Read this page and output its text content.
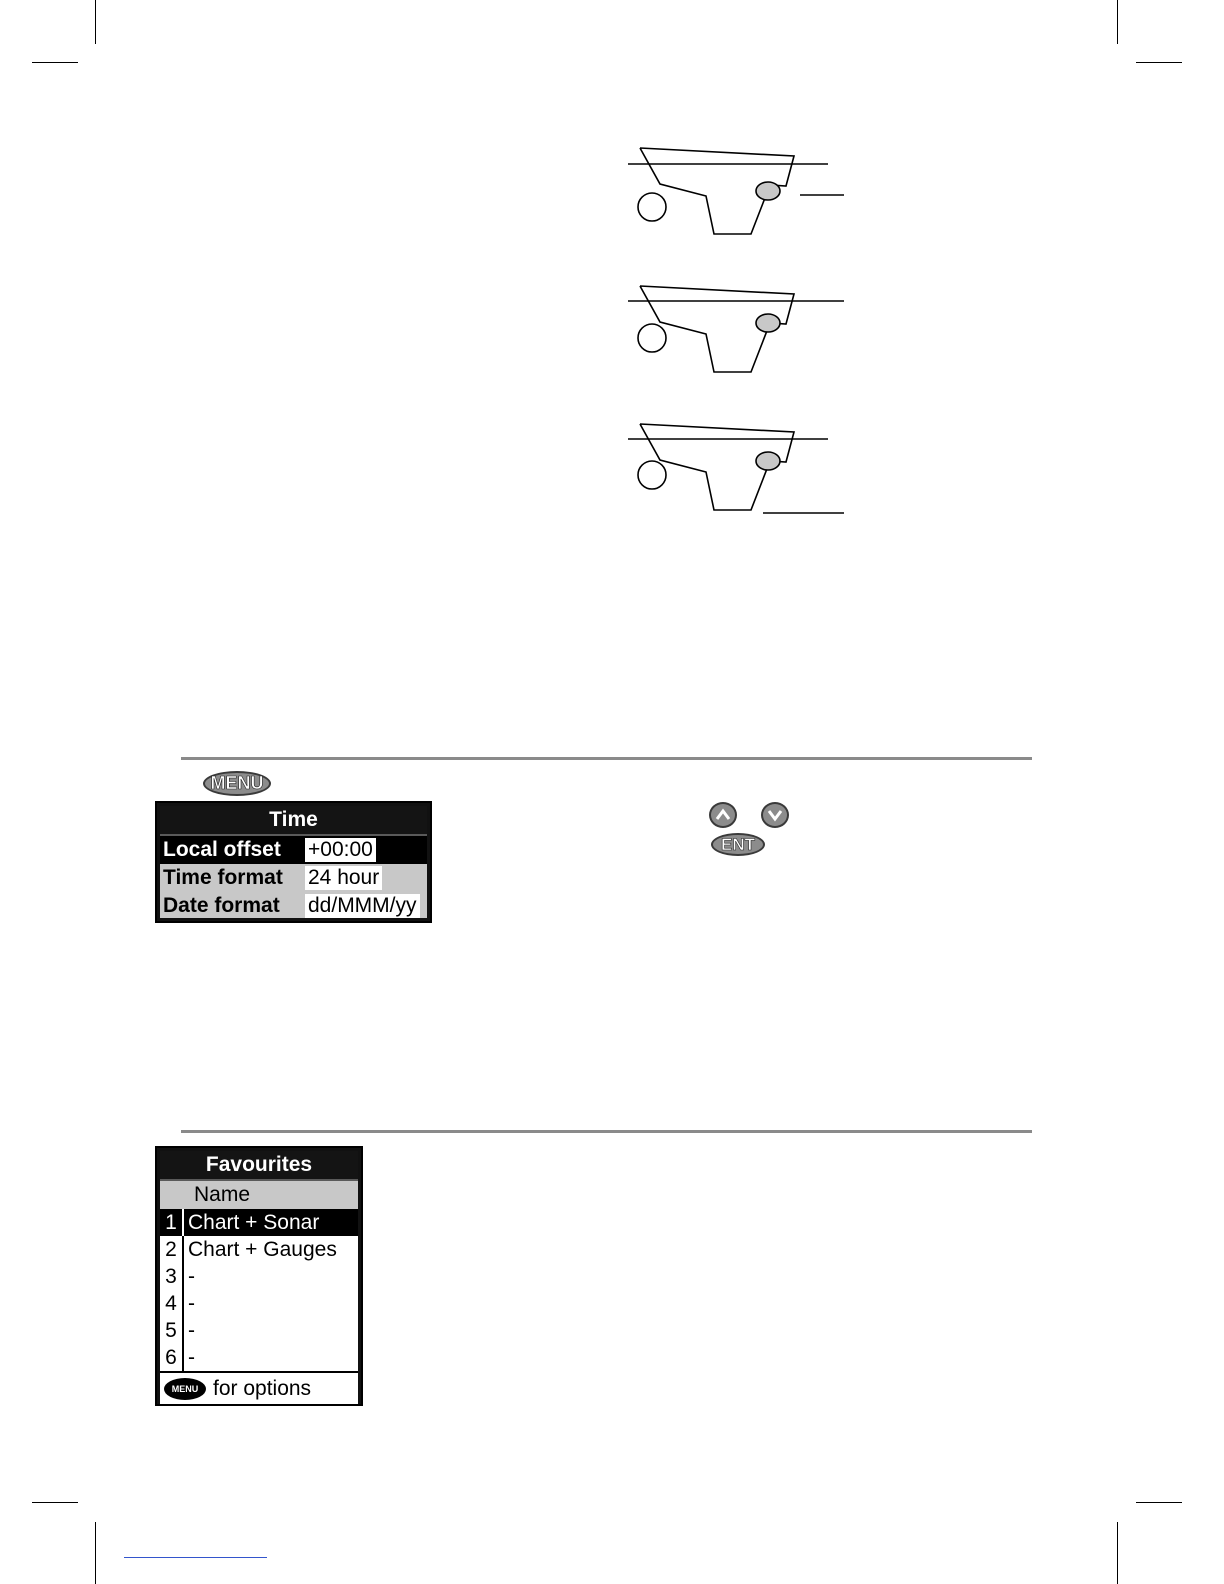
MENU
Time
Local offset	+00:00
Time format	24 hour
Date format	dd/MMM/yy
ENT
Favourites
Name
1 Chart + Sonar
2 Chart + Gauges
3 -
4 -
5 -
6 -
MENU for options
